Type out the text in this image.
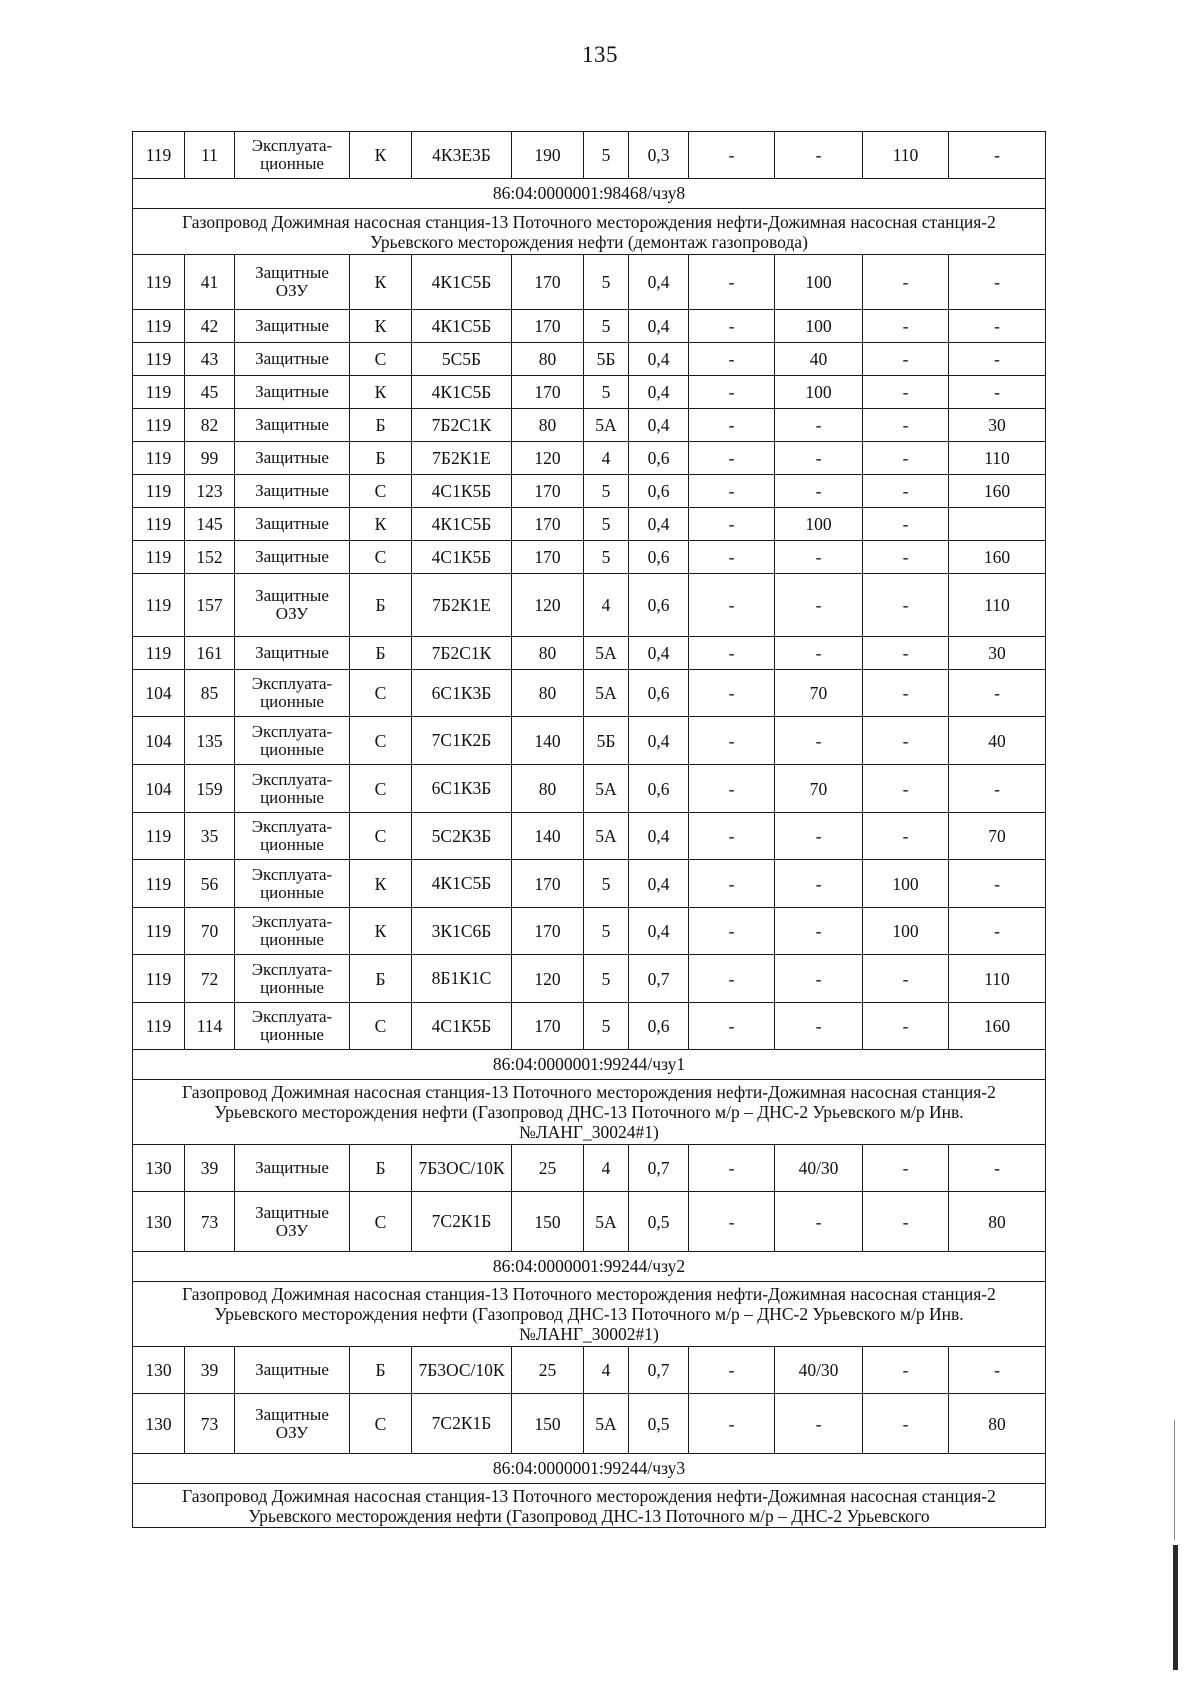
135
119	11	Эксплуата-ционные	К	4К3Е3Б	190	5	0,3	-	-	110	-
86:04:0000001:98468/чзу8											
Газопровод Дожимная насосная станция-13 Поточного месторождения нефти-Дожимная насосная станция-2 Урьевского месторождения нефти (демонтаж газопровода)											
119	41	Защитные ОЗУ	К	4К1С5Б	170	5	0,4	-	100	-	-
119	42	Защитные	К	4К1С5Б	170	5	0,4	-	100	-	-
119	43	Защитные	С	5С5Б	80	5Б	0,4	-	40	-	-
119	45	Защитные	К	4К1С5Б	170	5	0,4	-	100	-	-
119	82	Защитные	Б	7Б2С1К	80	5А	0,4	-	-	-	30
119	99	Защитные	Б	7Б2К1Е	120	4	0,6	-	-	-	110
119	123	Защитные	С	4С1К5Б	170	5	0,6	-	-	-	160
119	145	Защитные	К	4К1С5Б	170	5	0,4	-	100	-	
119	152	Защитные	С	4С1К5Б	170	5	0,6	-	-	-	160
119	157	Защитные ОЗУ	Б	7Б2К1Е	120	4	0,6	-	-	-	110
119	161	Защитные	Б	7Б2С1К	80	5А	0,4	-	-	-	30
104	85	Эксплуата-ционные	С	6С1К3Б	80	5А	0,6	-	70	-	-
104	135	Эксплуата-ционные	С	7С1К2Б	140	5Б	0,4	-	-	-	40
104	159	Эксплуата-ционные	С	6С1К3Б	80	5А	0,6	-	70	-	-
119	35	Эксплуата-ционные	С	5С2К3Б	140	5А	0,4	-	-	-	70
119	56	Эксплуата-ционные	К	4К1С5Б	170	5	0,4	-	-	100	-
119	70	Эксплуата-ционные	К	3К1С6Б	170	5	0,4	-	-	100	-
119	72	Эксплуата-ционные	Б	8Б1К1С	120	5	0,7	-	-	-	110
119	114	Эксплуата-ционные	С	4С1К5Б	170	5	0,6	-	-	-	160
86:04:0000001:99244/чзу1											
Газопровод Дожимная насосная станция-13 Поточного месторождения нефти-Дожимная насосная станция-2 Урьевского месторождения нефти (Газопровод ДНС-13 Поточного м/р – ДНС-2 Урьевского м/р Инв. №ЛАНГ_30024#1)											
130	39	Защитные	Б	7Б3ОС/10К	25	4	0,7	-	40/30	-	-
130	73	Защитные ОЗУ	С	7С2К1Б	150	5А	0,5	-	-	-	80
86:04:0000001:99244/чзу2											
Газопровод Дожимная насосная станция-13 Поточного месторождения нефти-Дожимная насосная станция-2 Урьевского месторождения нефти (Газопровод ДНС-13 Поточного м/р – ДНС-2 Урьевского м/р Инв. №ЛАНГ_30002#1)											
130	39	Защитные	Б	7Б3ОС/10К	25	4	0,7	-	40/30	-	-
130	73	Защитные ОЗУ	С	7С2К1Б	150	5А	0,5	-	-	-	80
86:04:0000001:99244/чзу3											
Газопровод Дожимная насосная станция-13 Поточного месторождения нефти-Дожимная насосная станция-2 Урьевского месторождения нефти (Газопровод ДНС-13 Поточного м/р – ДНС-2 Урьевского											
